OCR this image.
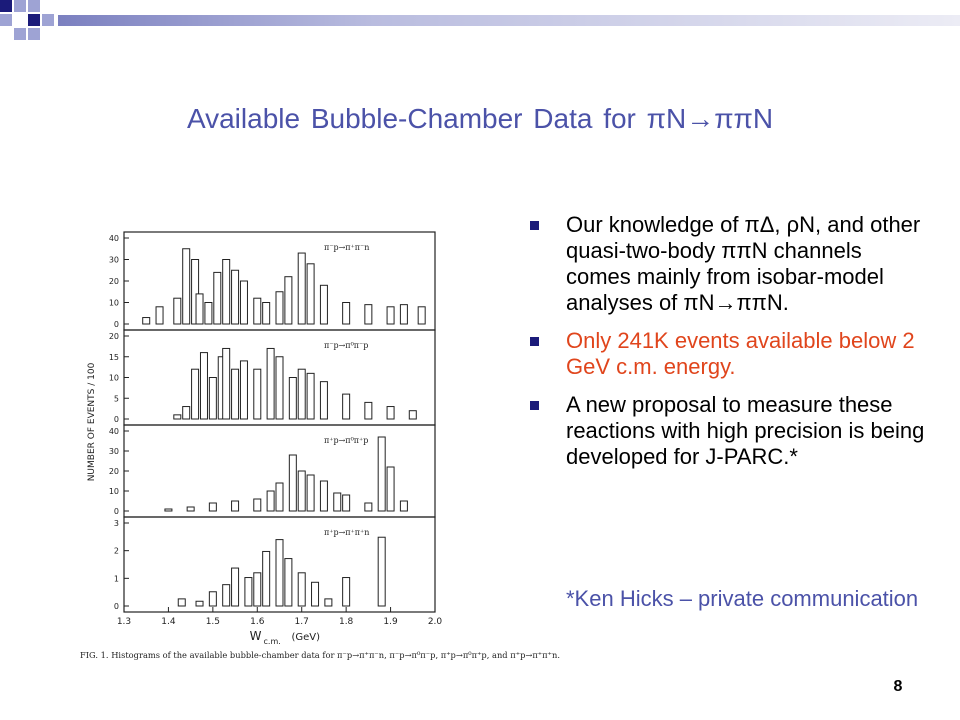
Available Bubble-Chamber Data for πN→ππN
Our knowledge of πΔ, ρN, and other quasi-two-body ππN channels comes mainly from isobar-model analyses of πN→ππN.
Only 241K events available below 2 GeV c.m. energy.
A new proposal to measure these reactions with high precision is being developed for J-PARC.*
*Ken Hicks – private communication
8
40
30
20
10
0
π⁻p→π⁺π⁻n
20
15
10
5
0
π⁻p→π⁰π⁻p
40
30
20
10
0
π⁺p→π⁰π⁺p
3
2
1
0
π⁺p→π⁺π⁺n
1.3	1.4	1.5	1.6	1.7	1.8	1.9	2.0
W c.m. (GeV)
NUMBER OF EVENTS / 100
FIG. 1. Histograms of the available bubble-chamber data for π⁻p→π⁺π⁻n, π⁻p→π⁰π⁻p, π⁺p→π⁰π⁺p, and π⁺p→π⁺π⁺n.
